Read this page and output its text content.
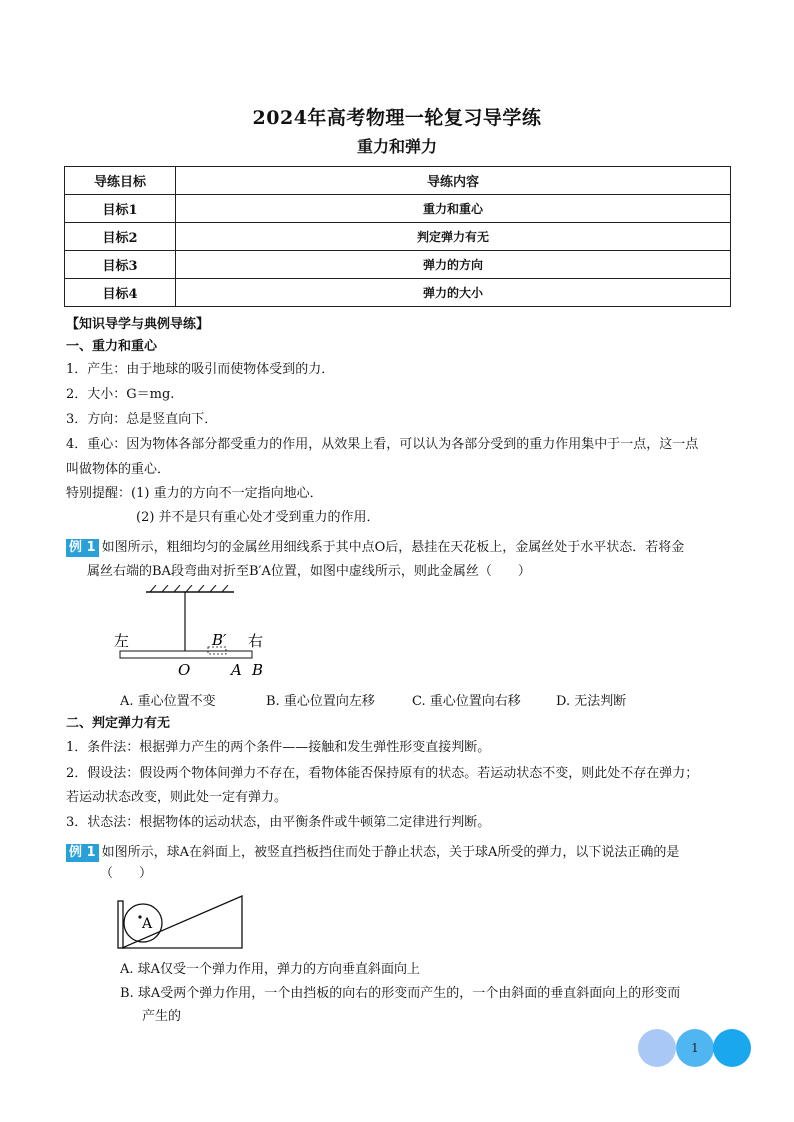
2024年高考物理一轮复习导学练
重力和弹力
导练目标	导练内容
目标1	重力和重心
目标2	判定弹力有无
目标3	弹力的方向
目标4	弹力的大小
【知识导学与典例导练】
一、重力和重心
1．产生：由于地球的吸引而使物体受到的力．
2．大小：G＝mg.
3．方向：总是竖直向下．
4．重心：因为物体各部分都受重力的作用，从效果上看，可以认为各部分受到的重力作用集中于一点，这一点
叫做物体的重心．
特别提醒：(1) 重力的方向不一定指向地心．
(2) 并不是只有重心处才受到重力的作用．
例 1 如图所示，粗细均匀的金属丝用细线系于其中点O后，悬挂在天花板上，金属丝处于水平状态．若将金
属丝右端的BA段弯曲对折至B′A位置，如图中虚线所示，则此金属丝（　　）
左	右
B′
O	A B
A. 重心位置不变	B. 重心位置向左移	C. 重心位置向右移	D. 无法判断
二、判定弹力有无
1．条件法：根据弹力产生的两个条件——接触和发生弹性形变直接判断。
2．假设法：假设两个物体间弹力不存在，看物体能否保持原有的状态。若运动状态不变，则此处不存在弹力；
若运动状态改变，则此处一定有弹力。
3．状态法：根据物体的运动状态，由平衡条件或牛顿第二定律进行判断。
例 1 如图所示，球A在斜面上，被竖直挡板挡住而处于静止状态，关于球A所受的弹力，以下说法正确的是
（　　）
A
A. 球A仅受一个弹力作用，弹力的方向垂直斜面向上
B. 球A受两个弹力作用，一个由挡板的向右的形变而产生的，一个由斜面的垂直斜面向上的形变而
产生的
1
